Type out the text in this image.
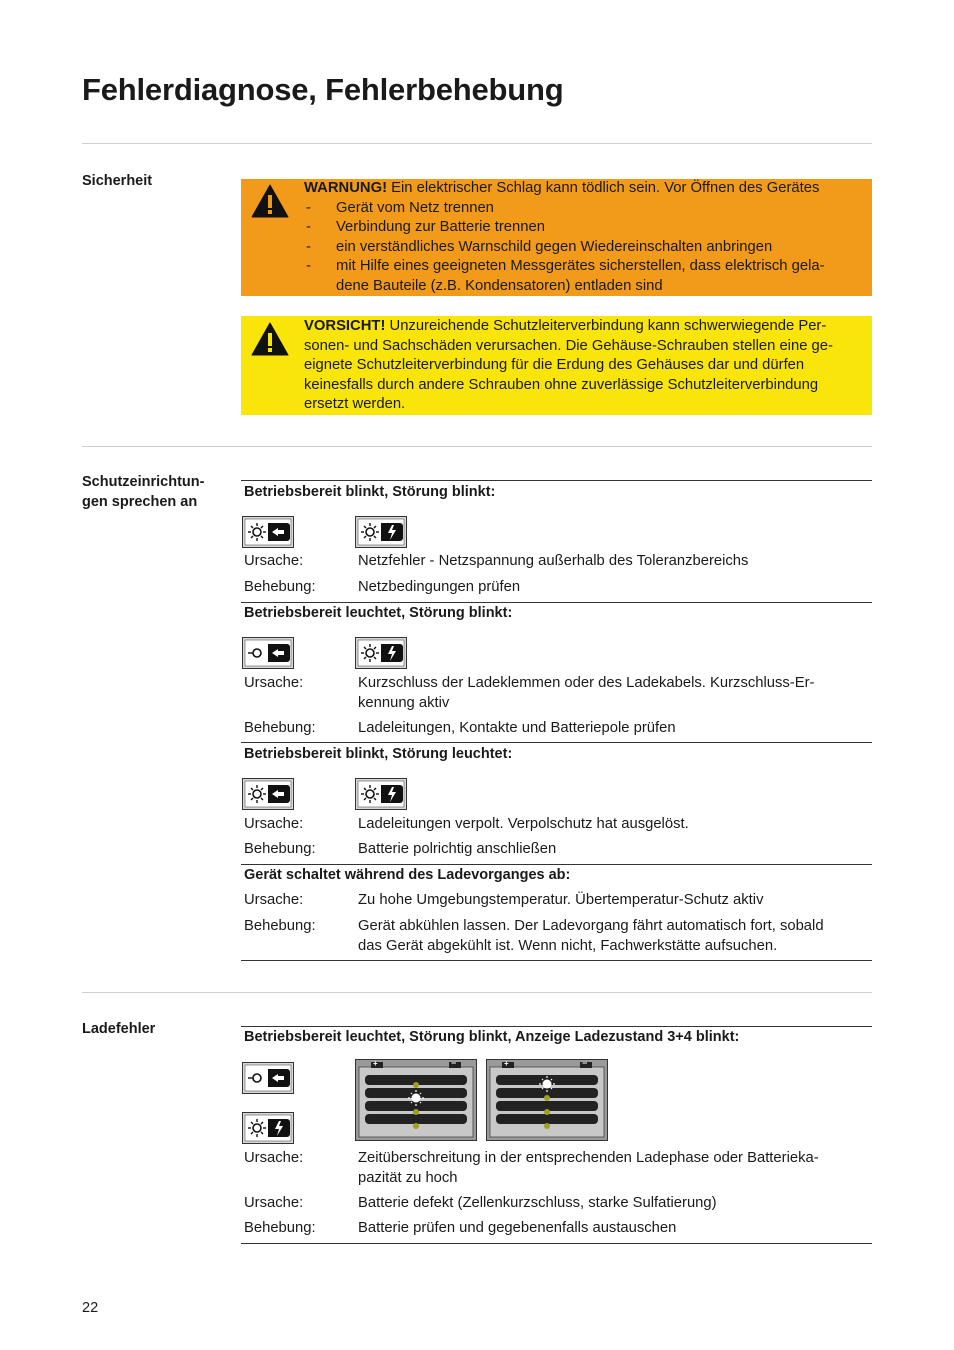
Fehlerdiagnose, Fehlerbehebung
Sicherheit	WARNUNG! Ein elektrischer Schlag kann tödlich sein. Vor Öffnen des Gerätes
- Gerät vom Netz trennen
- Verbindung zur Batterie trennen
- ein verständliches Warnschild gegen Wiedereinschalten anbringen
- mit Hilfe eines geeigneten Messgerätes sicherstellen, dass elektrisch gela-
dene Bauteile (z.B. Kondensatoren) entladen sind
VORSICHT! Unzureichende Schutzleiterverbindung kann schwerwiegende Per-
sonen- und Sachschäden verursachen. Die Gehäuse-Schrauben stellen eine ge-
eignete Schutzleiterverbindung für die Erdung des Gehäuses dar und dürfen
keinesfalls durch andere Schrauben ohne zuverlässige Schutzleiterverbindung
ersetzt werden.
Schutzeinrichtun-
gen sprechen an
Betriebsbereit blinkt, Störung blinkt:
Ursache:	Netzfehler - Netzspannung außerhalb des Toleranzbereichs
Behebung:	Netzbedingungen prüfen
Betriebsbereit leuchtet, Störung blinkt:
Ursache:	Kurzschluss der Ladeklemmen oder des Ladekabels. Kurzschluss-Er-
kennung aktiv
Behebung:	Ladeleitungen, Kontakte und Batteriepole prüfen
Betriebsbereit blinkt, Störung leuchtet:
Ursache:	Ladeleitungen verpolt. Verpolschutz hat ausgelöst.
Behebung:	Batterie polrichtig anschließen
Gerät schaltet während des Ladevorganges ab:
Ursache:	Zu hohe Umgebungstemperatur. Übertemperatur-Schutz aktiv
Behebung:	Gerät abkühlen lassen. Der Ladevorgang fährt automatisch fort, sobald
das Gerät abgekühlt ist. Wenn nicht, Fachwerkstätte aufsuchen.
Ladefehler	Betriebsbereit leuchtet, Störung blinkt, Anzeige Ladezustand 3+4 blinkt:
+	−	+	−
Ursache:	Zeitüberschreitung in der entsprechenden Ladephase oder Batterieka-
pazität zu hoch
Ursache:	Batterie defekt (Zellenkurzschluss, starke Sulfatierung)
Behebung:	Batterie prüfen und gegebenenfalls austauschen
22
